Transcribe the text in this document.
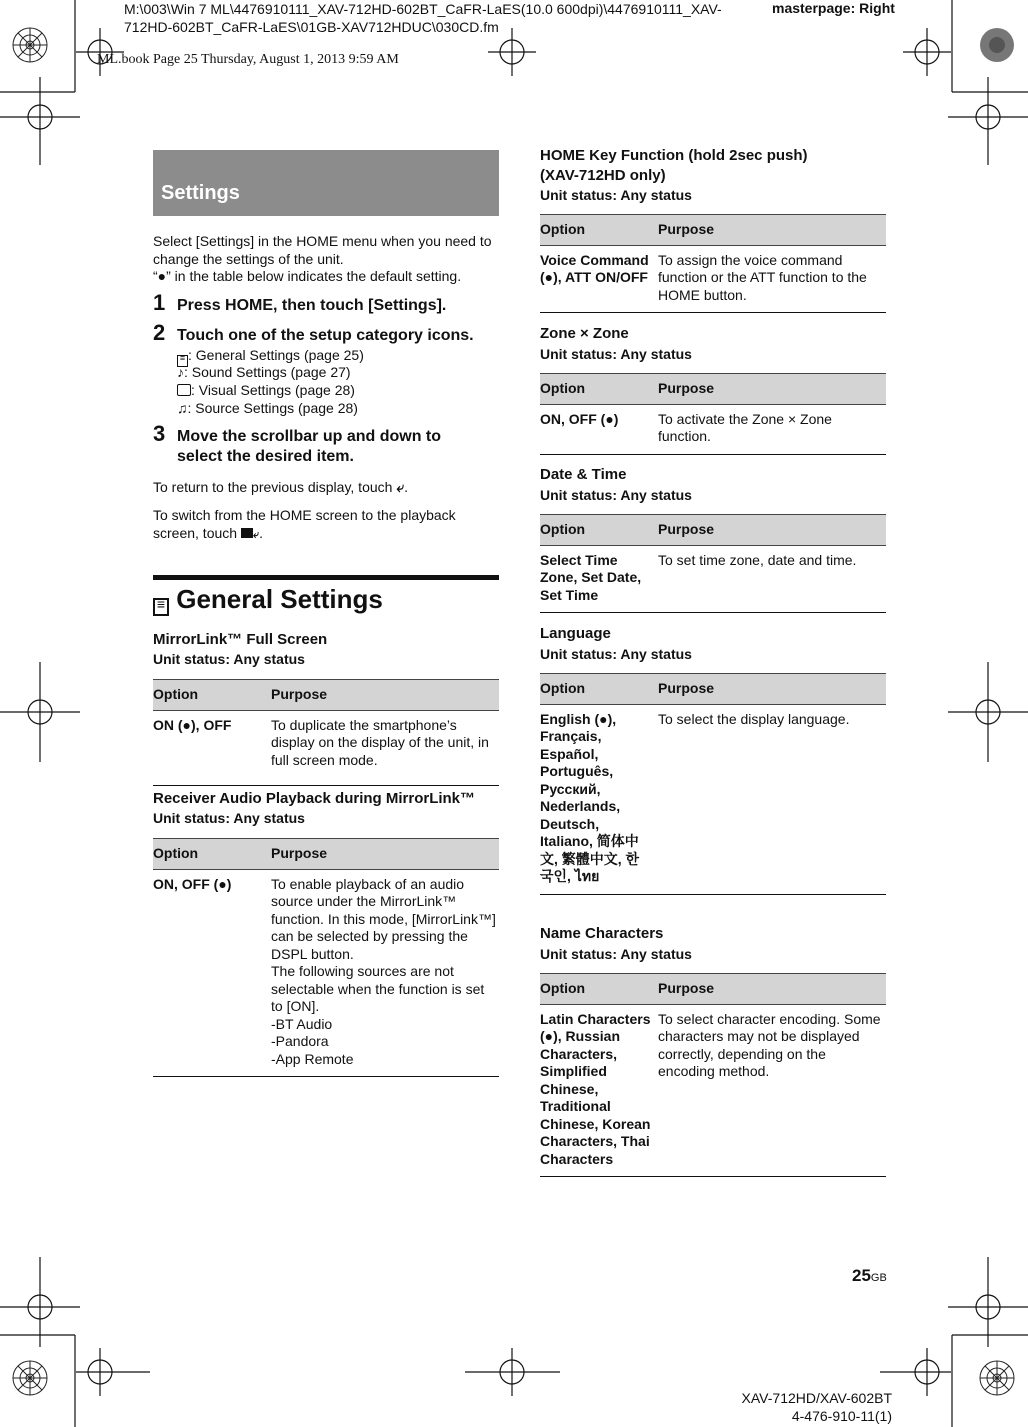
M:\003\Win 7 ML\4476910111_XAV-712HD-602BT_CaFR-LaES(10.0 600dpi)\4476910111_XAV-712HD-602BT_CaFR-LaES\01GB-XAV712HDUC\030CD.fm
masterpage: Right
ML.book Page 25 Thursday, August 1, 2013 9:59 AM
Settings
Select [Settings] in the HOME menu when you need to change the settings of the unit.
“●” in the table below indicates the default setting.
1 Press HOME, then touch [Settings].
2 Touch one of the setup category icons.
≡ : General Settings (page 25)
♪: Sound Settings (page 27)
: Visual Settings (page 28)
♫: Source Settings (page 28)
3 Move the scrollbar up and down to select the desired item.
To return to the previous display, touch ⤶.
To switch from the HOME screen to the playback screen, touch ⤶.
≡ General Settings
MirrorLink™ Full Screen
Unit status: Any status
Option	Purpose
ON (●), OFF	To duplicate the smartphone’s display on the display of the unit, in full screen mode.
Receiver Audio Playback during MirrorLink™
Unit status: Any status
Option	Purpose
ON, OFF (●)	To enable playback of an audio source under the MirrorLink™ function. In this mode, [MirrorLink™] can be selected by pressing the DSPL button.
The following sources are not selectable when the function is set to [ON].
-BT Audio
-Pandora
-App Remote
HOME Key Function (hold 2sec push)
(XAV-712HD only)
Unit status: Any status
Option	Purpose
Voice Command (●), ATT ON/OFF	To assign the voice command function or the ATT function to the HOME button.
Zone × Zone
Unit status: Any status
Option	Purpose
ON, OFF (●)	To activate the Zone × Zone function.
Date & Time
Unit status: Any status
Option	Purpose
Select Time Zone, Set Date, Set Time	To set time zone, date and time.
Language
Unit status: Any status
Option	Purpose
English (●), Français, Español, Português, Русский, Nederlands, Deutsch, Italiano, 简体中文, 繁體中文, 한국인, ไทย	To select the display language.
Name Characters
Unit status: Any status
Option	Purpose
Latin Characters (●), Russian Characters, Simplified Chinese, Traditional Chinese, Korean Characters, Thai Characters	To select character encoding. Some characters may not be displayed correctly, depending on the encoding method.
25GB
XAV-712HD/XAV-602BT
4-476-910-11(1)
